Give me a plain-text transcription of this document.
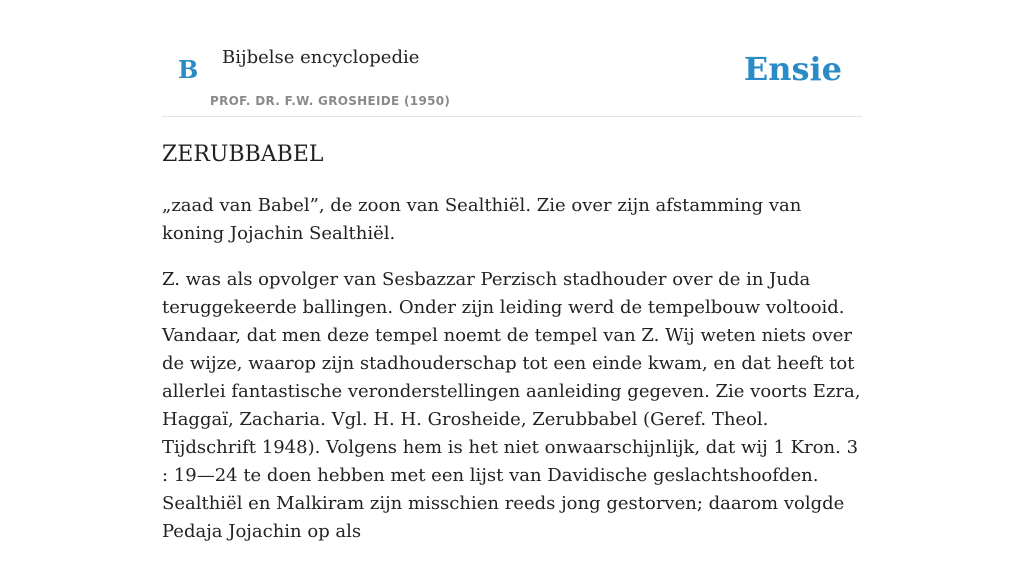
B Bijbelse encyclopedie
PROF. DR. F.W. GROSHEIDE (1950)
Ensie
ZERUBBABEL

„zaad van Babel”, de zoon van Sealthiël. Zie over zijn afstamming van koning Jojachin Sealthiël.

Z. was als opvolger van Sesbazzar Perzisch stadhouder over de in Juda teruggekeerde ballingen. Onder zijn leiding werd de tempelbouw voltooid. Vandaar, dat men deze tempel noemt de tempel van Z. Wij weten niets over de wijze, waarop zijn stadhouderschap tot een einde kwam, en dat heeft tot allerlei fantastische veronderstellingen aanleiding gegeven. Zie voorts Ezra, Haggaï, Zacharia. Vgl. H. H. Grosheide, Zerubbabel (Geref. Theol. Tijdschrift 1948). Volgens hem is het niet onwaarschijnlijk, dat wij 1 Kron. 3 : 19—24 te doen hebben met een lijst van Davidische geslachtshoofden. Sealthiël en Malkiram zijn misschien reeds jong gestorven; daarom volgde Pedaja Jojachin op als
